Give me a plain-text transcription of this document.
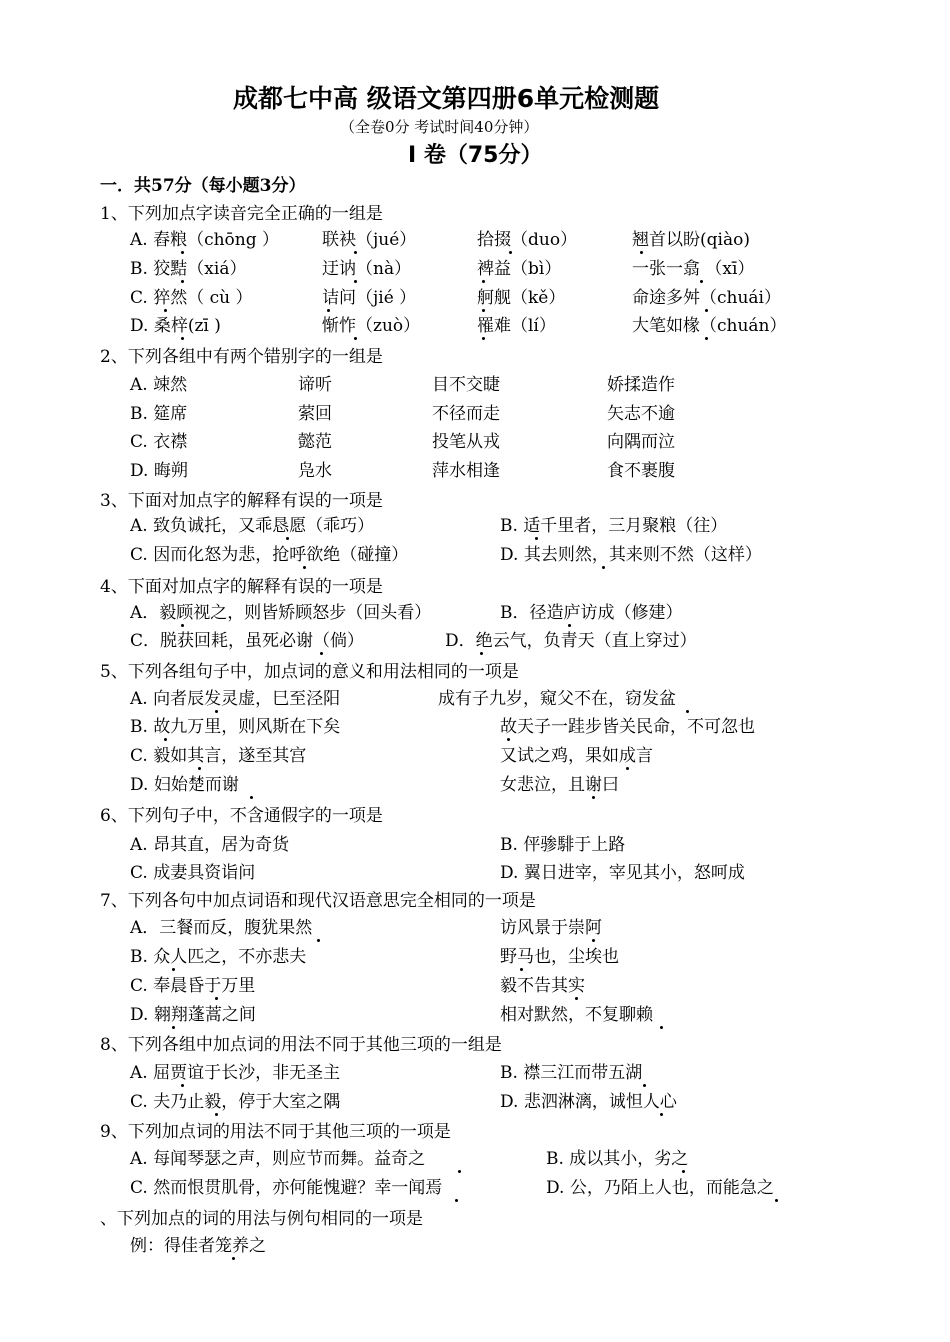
成都七中高 级语文第四册6单元检测题
（全卷0分 考试时间40分钟）
Ⅰ 卷（75分）
一．共57分（每小题3分）
1、下列加点字读音完全正确的一组是
A. 舂粮（chōng ）	联袂（jué）	拾掇（duo）	翘首以盼(qiào)
B. 狡黠（xiá）	迂讷（nà）	裨益（bì）	一张一翕 （xī）
C. 猝然（ cù ）	诘问（jié ）	舸舰（kě）	命途多舛（chuái）
D. 桑梓(zī )	惭怍（zuò）	罹难（lí）	大笔如椽（chuán）
2、下列各组中有两个错别字的一组是
A. 竦然	谛听	目不交睫	娇揉造作
B. 筵席	萦回	不径而走	矢志不逾
C. 衣襟	懿范	投笔从戎	向隅而泣
D. 晦朔	凫水	萍水相逢	食不裹腹
3、下面对加点字的解释有误的一项是
A. 致负诚托，又乖恳愿（乖巧）	B. 适千里者，三月聚粮（往）
C. 因而化怒为悲，抢呼欲绝（碰撞）	D. 其去则然，其来则不然（这样）
4、下面对加点字的解释有误的一项是
A．毅顾视之，则皆矫顾怒步（回头看）	B．径造庐访成（修建）
C．脱获回耗，虽死必谢（倘）	D．绝云气，负青天（直上穿过）
5、下列各组句子中，加点词的意义和用法相同的一项是
A. 向者辰发灵虚，巳至泾阳	成有子九岁，窥父不在，窃发盆
B. 故九万里，则风斯在下矣	故天子一跬步皆关民命，不可忽也
C. 毅如其言，遂至其宫	又试之鸡，果如成言
D. 妇始楚而谢	女悲泣，且谢曰
6、下列句子中，不含通假字的一项是
A. 昂其直，居为奇货	B. 伻骖騑于上路
C. 成妻具资诣问	D. 翼日进宰，宰见其小，怒呵成
7、下列各句中加点词语和现代汉语意思完全相同的一项是
A．三餐而反，腹犹果然	访风景于崇阿
B. 众人匹之，不亦悲夫	野马也，尘埃也
C. 奉晨昏于万里	毅不告其实
D. 翱翔蓬蒿之间	相对默然，不复聊赖
8、下列各组中加点词的用法不同于其他三项的一组是
A. 屈贾谊于长沙，非无圣主	B. 襟三江而带五湖
C. 夫乃止毅，停于大室之隅	D. 悲泗淋漓，诚怛人心
9、下列加点词的用法不同于其他三项的一项是
A. 每闻琴瑟之声，则应节而舞。益奇之	B. 成以其小，劣之
C. 然而恨贯肌骨，亦何能愧避？幸一闻焉	D. 公，乃陌上人也，而能急之
、下列加点的词的用法与例句相同的一项是
例：得佳者笼养之
